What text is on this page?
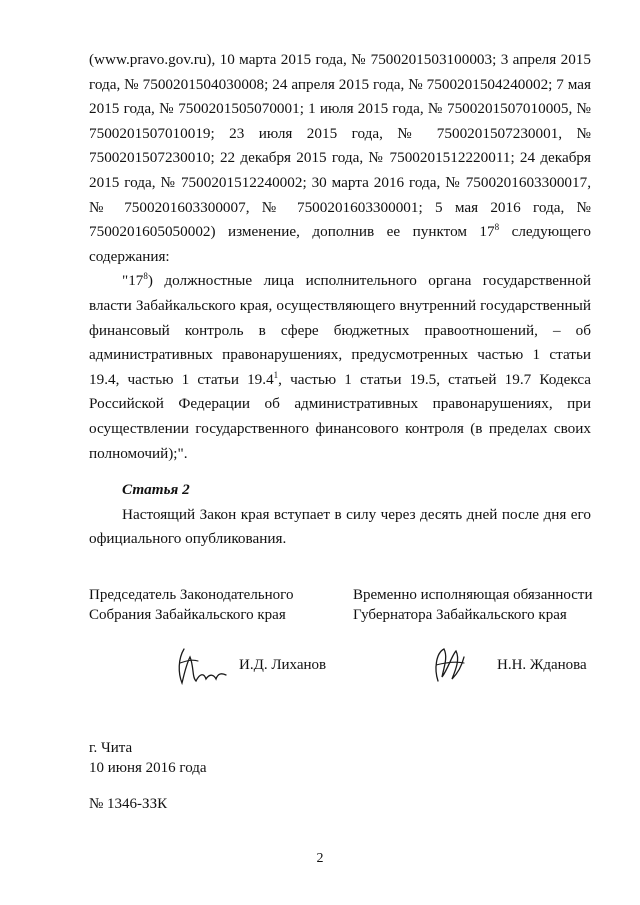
(www.pravo.gov.ru), 10 марта 2015 года, № 7500201503100003; 3 апреля 2015 года, № 7500201504030008; 24 апреля 2015 года, № 7500201504240002; 7 мая 2015 года, № 7500201505070001; 1 июля 2015 года, № 7500201507010005, № 7500201507010019; 23 июля 2015 года, № 7500201507230001, № 7500201507230010; 22 декабря 2015 года, № 7500201512220011; 24 декабря 2015 года, № 7500201512240002; 30 марта 2016 года, № 7500201603300017, № 7500201603300007, № 7500201603300001; 5 мая 2016 года, № 7500201605050002) изменение, дополнив ее пунктом $17^8$ следующего содержания:

"$17^8$) должностные лица исполнительного органа государственной власти Забайкальского края, осуществляющего внутренний государственный финансовый контроль в сфере бюджетных правоотношений, – об административных правонарушениях, предусмотренных частью 1 статьи 19.4, частью 1 статьи 19.4$^1$, частью 1 статьи 19.5, статьей 19.7 Кодекса Российской Федерации об административных правонарушениях, при осуществлении государственного финансового контроля (в пределах своих полномочий);".

Статья 2

Настоящий Закон края вступает в силу через десять дней после дня его официального опубликования.

Председатель Законодательного
Собрания Забайкальского края
Временно исполняющая обязанности
Губернатора Забайкальского края
И.Д. Лиханов	Н.Н. Жданова
г. Чита
10 июня 2016 года
№ 1346-ЗЗК
2
